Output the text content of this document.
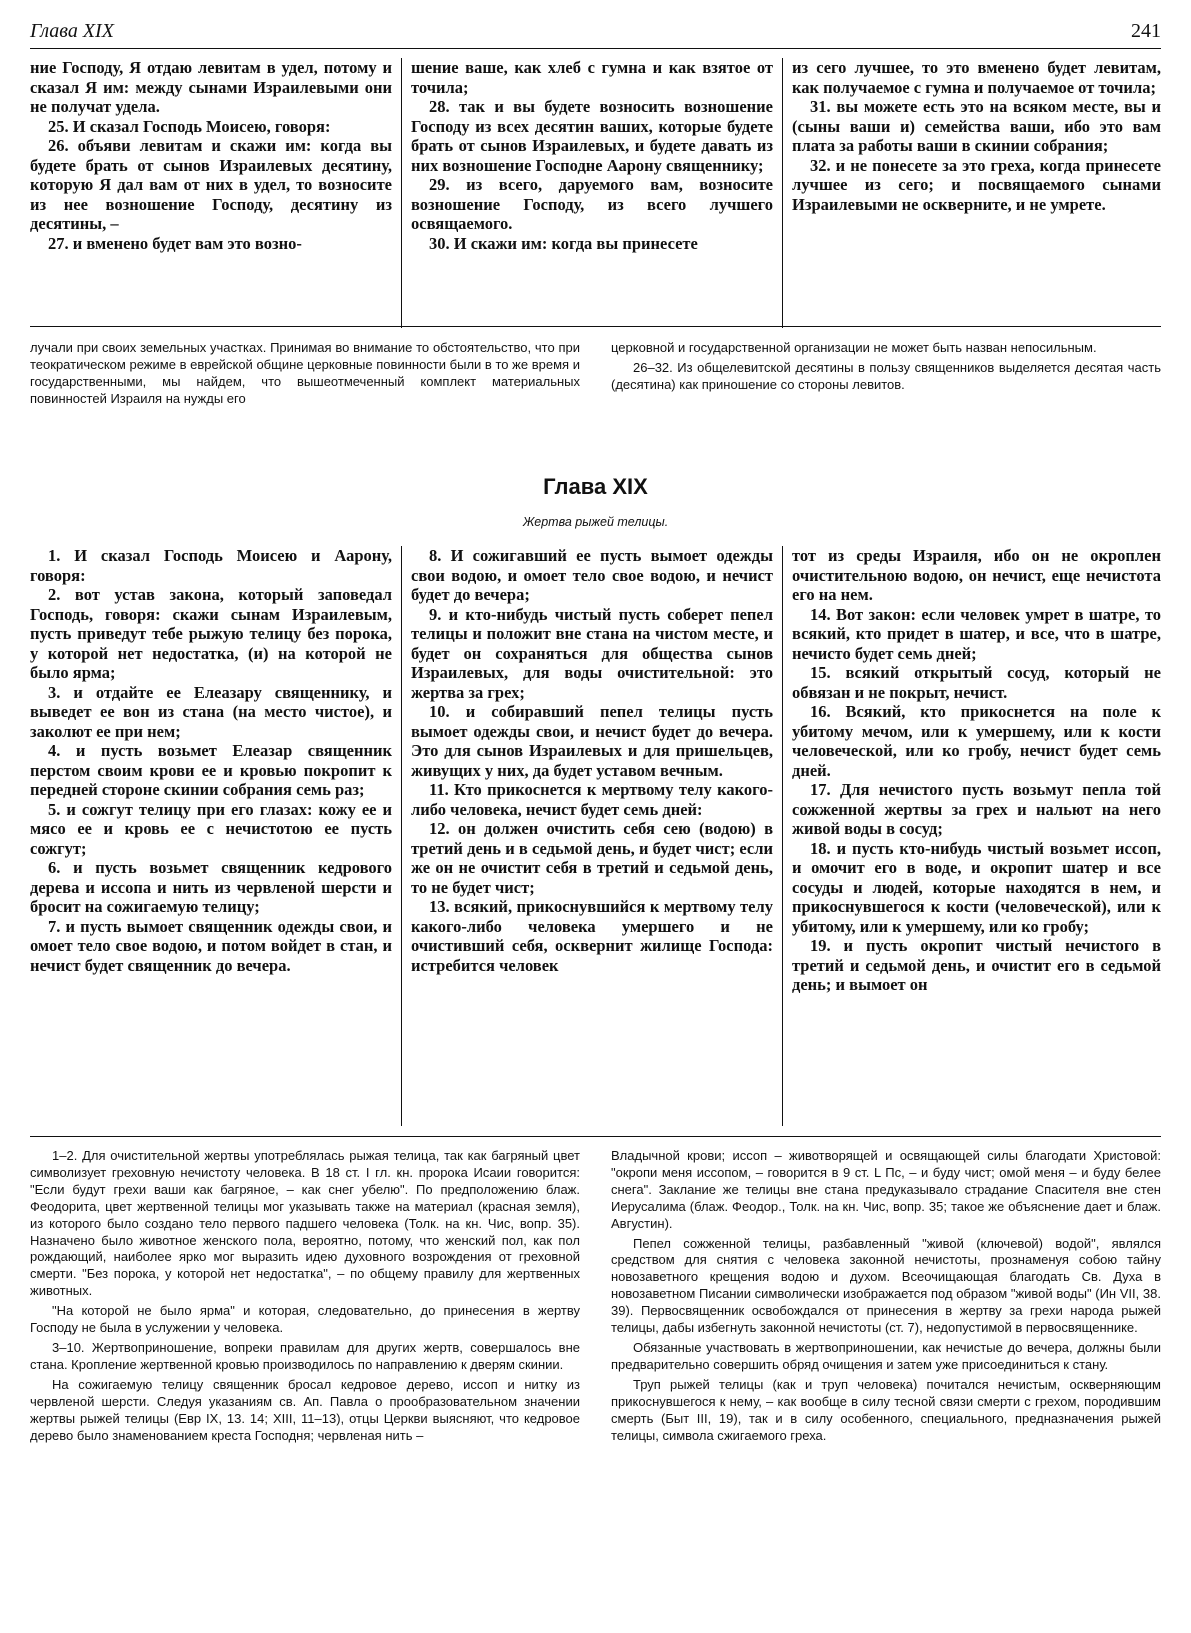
Глава XIX	241

ние Господу, Я отдаю левитам в удел, потому и сказал Я им: между сынами Израилевыми они не получат удела.

25. И сказал Господь Моисею, говоря:

26. объяви левитам и скажи им: когда вы будете брать от сынов Израилевых десятину, которую Я дал вам от них в удел, то возносите из нее возношение Господу, десятину из десятины, –

27. и вменено будет вам это возно-

шение ваше, как хлеб с гумна и как взятое от точила;

28. так и вы будете возносить возношение Господу из всех десятин ваших, которые будете брать от сынов Израилевых, и будете давать из них возношение Господне Аарону священнику;

29. из всего, даруемого вам, возносите возношение Господу, из всего лучшего освящаемого.

30. И скажи им: когда вы принесете

из сего лучшее, то это вменено будет левитам, как получаемое с гумна и получаемое от точила;

31. вы можете есть это на всяком месте, вы и (сыны ваши и) семейства ваши, ибо это вам плата за работы ваши в скинии собрания;

32. и не понесете за это греха, когда принесете лучшее из сего; и посвящаемого сынами Израилевыми не оскверните, и не умрете.

лучали при своих земельных участках. Принимая во внимание то обстоятельство, что при теократическом режиме в еврейской общине церковные повинности были в то же время и государственными, мы найдем, что вышеотмеченный комплект материальных повинностей Израиля на нужды его

церковной и государственной организации не может быть назван непосильным.

26–32. Из общелевитской десятины в пользу священников выделяется десятая часть (десятина) как приношение со стороны левитов.

Глава XIX
Жертва рыжей телицы.

1. И сказал Господь Моисею и Аарону, говоря:

2. вот устав закона, который заповедал Господь, говоря: скажи сынам Израилевым, пусть приведут тебе рыжую телицу без порока, у которой нет недостатка, (и) на которой не было ярма;

3. и отдайте ее Елеазару священнику, и выведет ее вон из стана (на место чистое), и заколют ее при нем;

4. и пусть возьмет Елеазар священник перстом своим крови ее и кровью покропит к передней стороне скинии собрания семь раз;

5. и сожгут телицу при его глазах: кожу ее и мясо ее и кровь ее с нечистотою ее пусть сожгут;

6. и пусть возьмет священник кедрового дерева и иссопа и нить из червленой шерсти и бросит на сожигаемую телицу;

7. и пусть вымоет священник одежды свои, и омоет тело свое водою, и потом войдет в стан, и нечист будет священник до вечера.

8. И сожигавший ее пусть вымоет одежды свои водою, и омоет тело свое водою, и нечист будет до вечера;

9. и кто-нибудь чистый пусть соберет пепел телицы и положит вне стана на чистом месте, и будет он сохраняться для общества сынов Израилевых, для воды очистительной: это жертва за грех;

10. и собиравший пепел телицы пусть вымоет одежды свои, и нечист будет до вечера. Это для сынов Израилевых и для пришельцев, живущих у них, да будет уставом вечным.

11. Кто прикоснется к мертвому телу какого-либо человека, нечист будет семь дней:

12. он должен очистить себя сею (водою) в третий день и в седьмой день, и будет чист; если же он не очистит себя в третий и седьмой день, то не будет чист;

13. всякий, прикоснувшийся к мертвому телу какого-либо человека умершего и не очистивший себя, осквернит жилище Господа: истребится человек

тот из среды Израиля, ибо он не окроплен очистительною водою, он нечист, еще нечистота его на нем.

14. Вот закон: если человек умрет в шатре, то всякий, кто придет в шатер, и все, что в шатре, нечисто будет семь дней;

15. всякий открытый сосуд, который не обвязан и не покрыт, нечист.

16. Всякий, кто прикоснется на поле к убитому мечом, или к умершему, или к кости человеческой, или ко гробу, нечист будет семь дней.

17. Для нечистого пусть возьмут пепла той сожженной жертвы за грех и нальют на него живой воды в сосуд;

18. и пусть кто-нибудь чистый возьмет иссоп, и омочит его в воде, и окропит шатер и все сосуды и людей, которые находятся в нем, и прикоснувшегося к кости (человеческой), или к убитому, или к умершему, или ко гробу;

19. и пусть окропит чистый нечистого в третий и седьмой день, и очистит его в седьмой день; и вымоет он

1–2. Для очистительной жертвы употреблялась рыжая телица, так как багряный цвет символизует греховную нечистоту человека. В 18 ст. I гл. кн. пророка Исаии говорится: "Если будут грехи ваши как багряное, – как снег убелю". По предположению блаж. Феодорита, цвет жертвенной телицы мог указывать также на материал (красная земля), из которого было создано тело первого падшего человека (Толк. на кн. Чис, вопр. 35). Назначено было животное женского пола, вероятно, потому, что женский пол, как пол рождающий, наиболее ярко мог выразить идею духовного возрождения от греховной смерти. "Без порока, у которой нет недостатка", – по общему правилу для жертвенных животных.

"На которой не было ярма" и которая, следовательно, до принесения в жертву Господу не была в услужении у человека.

3–10. Жертвоприношение, вопреки правилам для других жертв, совершалось вне стана. Кропление жертвенной кровью производилось по направлению к дверям скинии.

На сожигаемую телицу священник бросал кедровое дерево, иссоп и нитку из червленой шерсти. Следуя указаниям св. Ап. Павла о прообразовательном значении жертвы рыжей телицы (Евр IX, 13. 14; XIII, 11–13), отцы Церкви выясняют, что кедровое дерево было знаменованием креста Господня; червленая нить –

Владычной крови; иссоп – животворящей и освящающей силы благодати Христовой: "окропи меня иссопом, – говорится в 9 ст. L Пс, – и буду чист; омой меня – и буду белее снега". Заклание же телицы вне стана предуказывало страдание Спасителя вне стен Иерусалима (блаж. Феодор., Толк. на кн. Чис, вопр. 35; такое же объяснение дает и блаж. Августин).

Пепел сожженной телицы, разбавленный "живой (ключевой) водой", являлся средством для снятия с человека законной нечистоты, прознаменуя собою тайну новозаветного крещения водою и духом. Всеочищающая благодать Св. Духа в новозаветном Писании символически изображается под образом "живой воды" (Ин VII, 38. 39). Первосвященник освобождался от принесения в жертву за грехи народа рыжей телицы, дабы избегнуть законной нечистоты (ст. 7), недопустимой в первосвященнике.

Обязанные участвовать в жертвоприношении, как нечистые до вечера, должны были предварительно совершить обряд очищения и затем уже присоединиться к стану.

Труп рыжей телицы (как и труп человека) почитался нечистым, оскверняющим прикоснувшегося к нему, – как вообще в силу тесной связи смерти с грехом, породившим смерть (Быт III, 19), так и в силу особенного, специального, предназначения рыжей телицы, символа сжигаемого греха.
